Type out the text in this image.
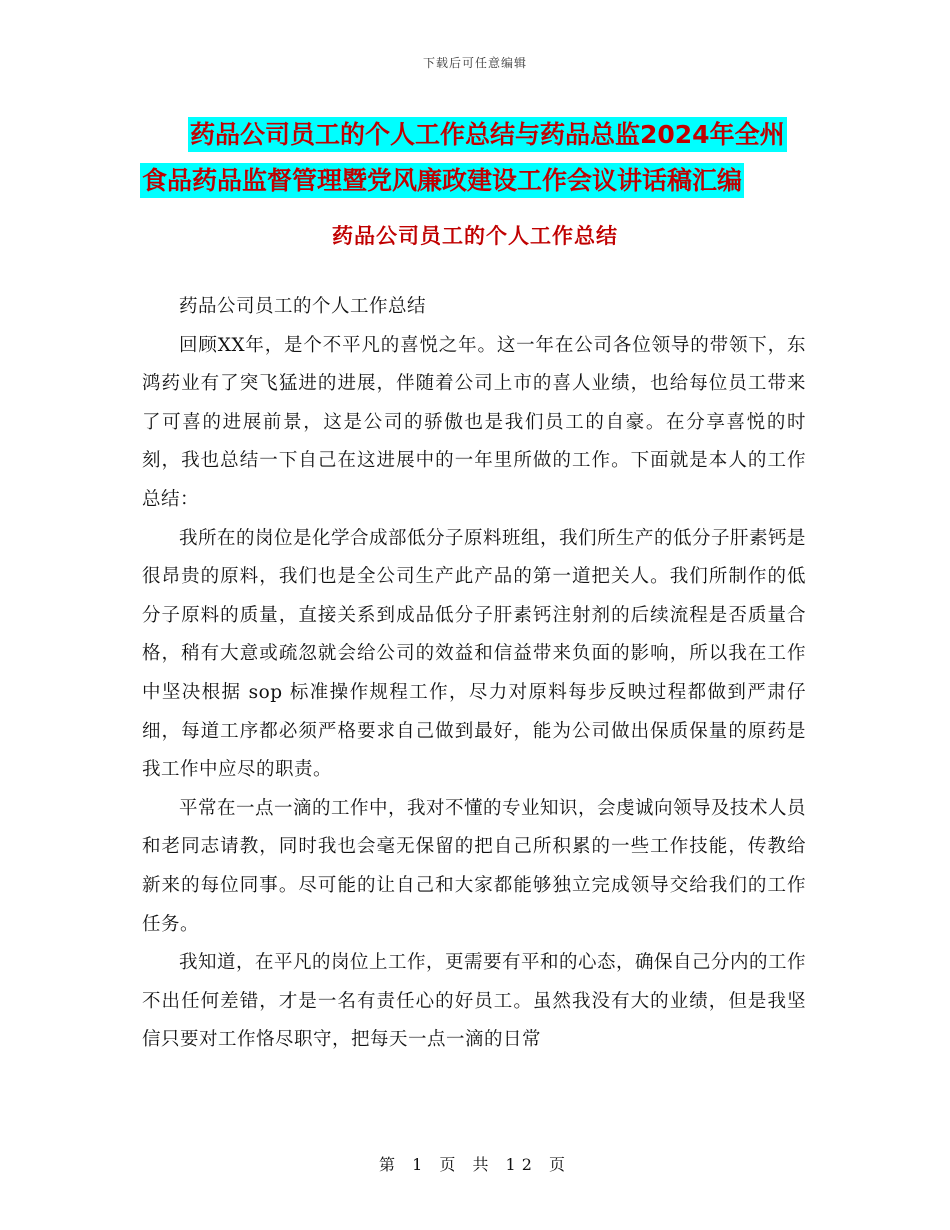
下载后可任意编辑
药品公司员工的个人工作总结与药品总监2024年全州
食品药品监督管理暨党风廉政建设工作会议讲话稿汇编
药品公司员工的个人工作总结

药品公司员工的个人工作总结

回顾XX年，是个不平凡的喜悦之年。这一年在公司各位领导的带领下，东鸿药业有了突飞猛进的进展，伴随着公司上市的喜人业绩，也给每位员工带来了可喜的进展前景，这是公司的骄傲也是我们员工的自豪。在分享喜悦的时刻，我也总结一下自己在这进展中的一年里所做的工作。下面就是本人的工作总结：

我所在的岗位是化学合成部低分子原料班组，我们所生产的低分子肝素钙是很昂贵的原料，我们也是全公司生产此产品的第一道把关人。我们所制作的低分子原料的质量，直接关系到成品低分子肝素钙注射剂的后续流程是否质量合格，稍有大意或疏忽就会给公司的效益和信益带来负面的影响，所以我在工作中坚决根据 sop 标准操作规程工作，尽力对原料每步反映过程都做到严肃仔细，每道工序都必须严格要求自己做到最好，能为公司做出保质保量的原药是我工作中应尽的职责。

平常在一点一滴的工作中，我对不懂的专业知识，会虔诚向领导及技术人员和老同志请教，同时我也会毫无保留的把自己所积累的一些工作技能，传教给新来的每位同事。尽可能的让自己和大家都能够独立完成领导交给我们的工作任务。

我知道，在平凡的岗位上工作，更需要有平和的心态，确保自己分内的工作不出任何差错，才是一名有责任心的好员工。虽然我没有大的业绩，但是我坚信只要对工作恪尽职守，把每天一点一滴的日常

第 1 页 共 12 页
